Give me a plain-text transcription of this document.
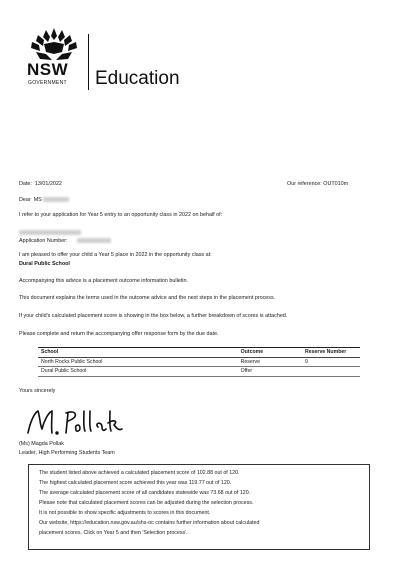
NSW
GOVERNMENT Education
Date: 13/01/2022	Our reference: OUT010m
Dear MS
I refer to your application for Year 5 entry to an opportunity class in 2022 on behalf of:
Application Number:
I am pleased to offer your child a Year 5 place in 2022 in the opportunity class at:
Dural Public School
Accompanying this advice is a placement outcome information bulletin.
This document explains the terms used in the outcome advice and the next steps in the placement process.
If your child's calculated placement score is showing in the box below, a further breakdown of scores is attached.
Please complete and return the accompanying offer response form by the due date.
School	Outcome	Reserve Number
North Rocks Public School	Reserve	9
Dural Public School	Offer	
Yours sincerely
(Ms) Magda Pollak
Leader, High Performing Students Team
The student listed above achieved a calculated placement score of 102.88 out of 120.
The highest calculated placement score achieved this year was 119.77 out of 120.
The average calculated placement score of all candidates statewide was 73.68 out of 120.
Please note that calculated placement scores can be adjusted during the selection process.
It is not possible to show specific adjustments to scores in this document.
Our website, https://education.nsw.gov.au/shs-oc contains further information about calculated
placement scores. Click on Year 5 and then 'Selection process'.
